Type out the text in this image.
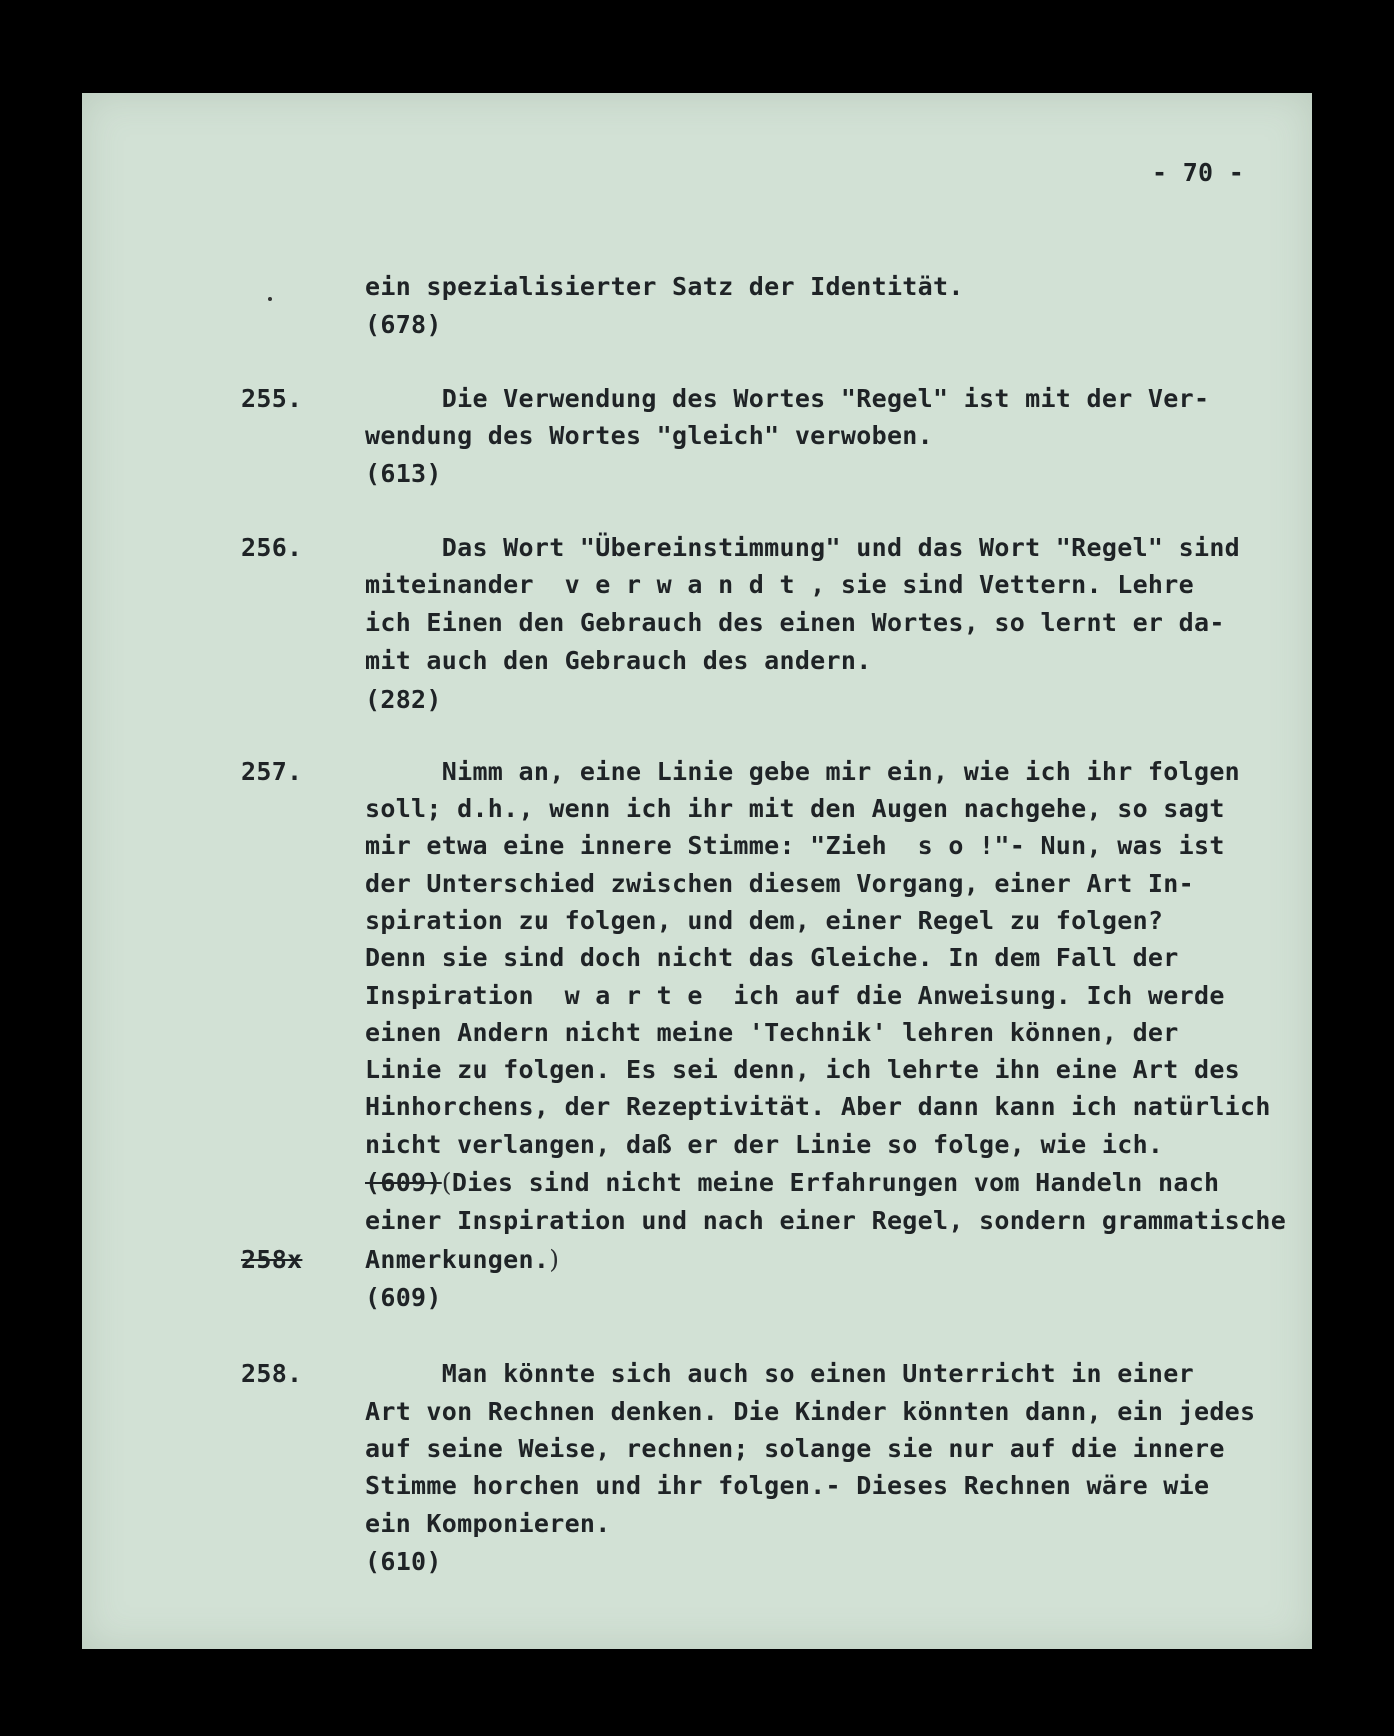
- 70 -
ein spezialisierter Satz der Identität.
(678)
255.	Die Verwendung des Wortes "Regel" ist mit der Ver-
wendung des Wortes "gleich" verwoben.
(613)
256.	Das Wort "Übereinstimmung" und das Wort "Regel" sind
miteinander  v e r w a n d t , sie sind Vettern. Lehre
ich Einen den Gebrauch des einen Wortes, so lernt er da-
mit auch den Gebrauch des andern.
(282)
257.	Nimm an, eine Linie gebe mir ein, wie ich ihr folgen
soll; d.h., wenn ich ihr mit den Augen nachgehe, so sagt
mir etwa eine innere Stimme: "Zieh  s o !"- Nun, was ist
der Unterschied zwischen diesem Vorgang, einer Art In-
spiration zu folgen, und dem, einer Regel zu folgen?
Denn sie sind doch nicht das Gleiche. In dem Fall der
Inspiration  w a r t e  ich auf die Anweisung. Ich werde
einen Andern nicht meine 'Technik' lehren können, der
Linie zu folgen. Es sei denn, ich lehrte ihn eine Art des
Hinhorchens, der Rezeptivität. Aber dann kann ich natürlich
nicht verlangen, daß er der Linie so folge, wie ich.
(609)(Dies sind nicht meine Erfahrungen vom Handeln nach
einer Inspiration und nach einer Regel, sondern grammatische
258x	Anmerkungen.)
(609)
258.	Man könnte sich auch so einen Unterricht in einer
Art von Rechnen denken. Die Kinder könnten dann, ein jedes
auf seine Weise, rechnen; solange sie nur auf die innere
Stimme horchen und ihr folgen.- Dieses Rechnen wäre wie
ein Komponieren.
(610)
